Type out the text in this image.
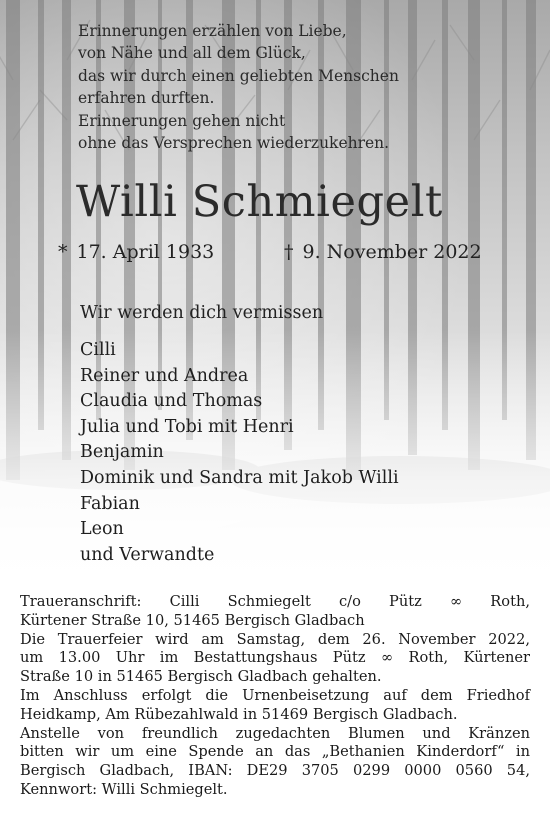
Erinnerungen erzählen von Liebe,
von Nähe und all dem Glück,
das wir durch einen geliebten Menschen
erfahren durften.
Erinnerungen gehen nicht
ohne das Versprechen wiederzukehren.
Willi Schmiegelt
* 17. April 1933	† 9. November 2022
Wir werden dich vermissen
Cilli
Reiner und Andrea
Claudia und Thomas
Julia und Tobi mit Henri
Benjamin
Dominik und Sandra mit Jakob Willi
Fabian
Leon
und Verwandte
Traueranschrift: Cilli Schmiegelt c/o Pütz ∞ Roth,
Kürtener Straße 10, 51465 Bergisch Gladbach
Die Trauerfeier wird am Samstag, dem 26. November 2022,
um 13.00 Uhr im Bestattungshaus Pütz ∞ Roth, Kürtener
Straße 10 in 51465 Bergisch Gladbach gehalten.
Im Anschluss erfolgt die Urnenbeisetzung auf dem Friedhof
Heidkamp, Am Rübezahlwald in 51469 Bergisch Gladbach.
Anstelle von freundlich zugedachten Blumen und Kränzen
bitten wir um eine Spende an das „Bethanien Kinderdorf“ in
Bergisch Gladbach, IBAN: DE29 3705 0299 0000 0560 54,
Kennwort: Willi Schmiegelt.
